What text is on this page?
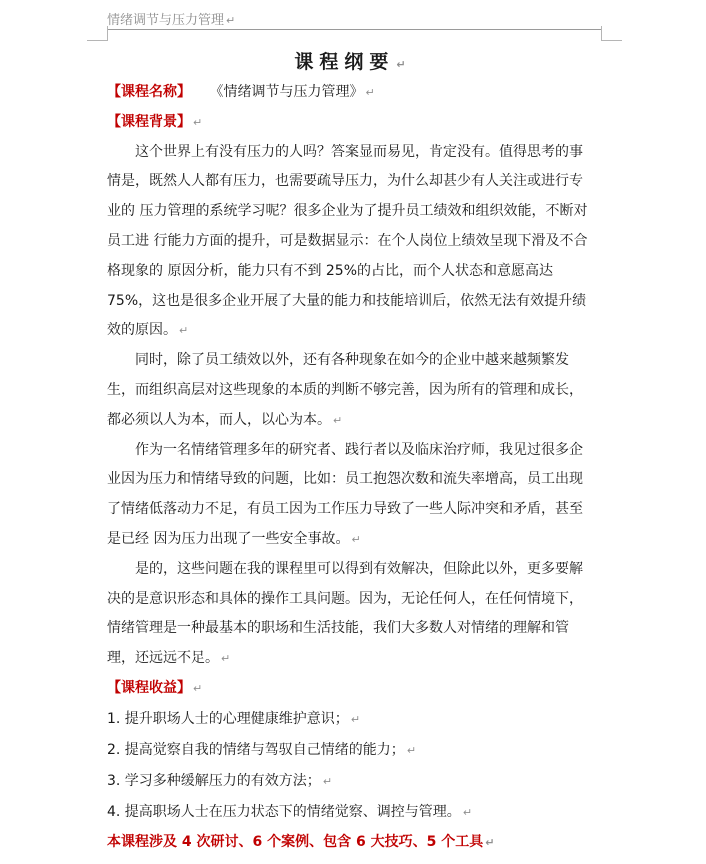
情绪调节与压力管理 ↵
课程纲要 ↵
【课程名称】 《情绪调节与压力管理》 ↵
【课程背景】 ↵
这个世界上有没有压力的人吗？答案显而易见，肯定没有。值得思考的事
情是，既然人人都有压力，也需要疏导压力，为什么却甚少有人关注或进行专
业的 压力管理的系统学习呢？很多企业为了提升员工绩效和组织效能，不断对
员工进 行能力方面的提升，可是数据显示：在个人岗位上绩效呈现下滑及不合
格现象的 原因分析，能力只有不到 25%的占比，而个人状态和意愿高达
75%，这也是很多企业开展了大量的能力和技能培训后，依然无法有效提升绩
效的原因。 ↵
同时，除了员工绩效以外，还有各种现象在如今的企业中越来越频繁发
生，而组织高层对这些现象的本质的判断不够完善，因为所有的管理和成长，
都必须以人为本，而人，以心为本。 ↵
作为一名情绪管理多年的研究者、践行者以及临床治疗师，我见过很多企
业因为压力和情绪导致的问题，比如：员工抱怨次数和流失率增高，员工出现
了情绪低落动力不足，有员工因为工作压力导致了一些人际冲突和矛盾，甚至
是已经 因为压力出现了一些安全事故。 ↵
是的，这些问题在我的课程里可以得到有效解决，但除此以外，更多要解
决的是意识形态和具体的操作工具问题。因为，无论任何人，在任何情境下，
情绪管理是一种最基本的职场和生活技能，我们大多数人对情绪的理解和管
理，还远远不足。 ↵
【课程收益】 ↵
1. 提升职场人士的心理健康维护意识； ↵
2. 提高觉察自我的情绪与驾驭自己情绪的能力； ↵
3. 学习多种缓解压力的有效方法； ↵
4. 提高职场人士在压力状态下的情绪觉察、调控与管理。 ↵
本课程涉及 4 次研讨、6 个案例、包含 6 大技巧、5 个工具 ↵
